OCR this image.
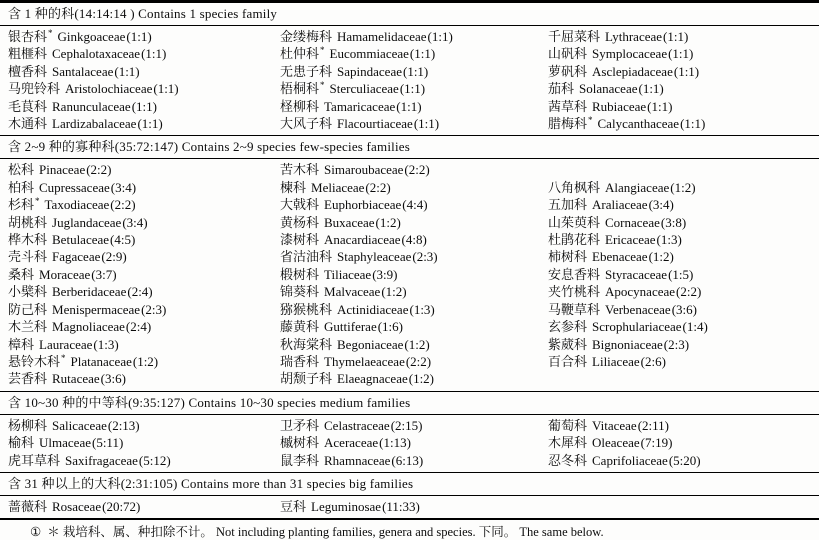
含 1 种的科(14:14:14 ) Contains 1 species family
银杏科* Ginkgoaceae(1:1)	金缕梅科 Hamamelidaceae(1:1)	千屈菜科 Lythraceae(1:1)
粗榧科 Cephalotaxaceae(1:1)	杜仲科* Eucommiaceae(1:1)	山矾科 Symplocaceae(1:1)
檀香科 Santalaceae(1:1)	无患子科 Sapindaceae(1:1)	萝矾科 Asclepiadaceae(1:1)
马兜铃科 Aristolochiaceae(1:1)	梧桐科* Sterculiaceae(1:1)	茄科 Solanaceae(1:1)
毛茛科 Ranunculaceae(1:1)	柽柳科 Tamaricaceae(1:1)	茜草科 Rubiaceae(1:1)
木通科 Lardizabalaceae(1:1)	大风子科 Flacourtiaceae(1:1)	腊梅科* Calycanthaceae(1:1)
含 2~9 种的寡种科(35:72:147) Contains 2~9 species few-species families
松科 Pinaceae(2:2)	苦木科 Simaroubaceae(2:2)
柏科 Cupressaceae(3:4)	楝科 Meliaceae(2:2)	八角枫科 Alangiaceae(1:2)
杉科* Taxodiaceae(2:2)	大戟科 Euphorbiaceae(4:4)	五加科 Araliaceae(3:4)
胡桃科 Juglandaceae(3:4)	黄杨科 Buxaceae(1:2)	山茱萸科 Cornaceae(3:8)
桦木科 Betulaceae(4:5)	漆树科 Anacardiaceae(4:8)	杜鹃花科 Ericaceae(1:3)
壳斗科 Fagaceae(2:9)	省沽油科 Staphyleaceae(2:3)	柿树科 Ebenaceae(1:2)
桑科 Moraceae(3:7)	椴树科 Tiliaceae(3:9)	安息香料 Styracaceae(1:5)
小檗科 Berberidaceae(2:4)	锦葵科 Malvaceae(1:2)	夹竹桃科 Apocynaceae(2:2)
防己科 Menispermaceae(2:3)	猕猴桃科 Actinidiaceae(1:3)	马鞭草科 Verbenaceae(3:6)
木兰科 Magnoliaceae(2:4)	藤黄科 Guttiferae(1:6)	玄参科 Scrophulariaceae(1:4)
樟科 Lauraceae(1:3)	秋海棠科 Begoniaceae(1:2)	紫葳科 Bignoniaceae(2:3)
悬铃木科* Platanaceae(1:2)	瑞香科 Thymelaeaceae(2:2)	百合科 Liliaceae(2:6)
芸香科 Rutaceae(3:6)	胡颓子科 Elaeagnaceae(1:2)
含 10~30 种的中等科(9:35:127) Contains 10~30 species medium families
杨柳科 Salicaceae(2:13)	卫矛科 Celastraceae(2:15)	葡萄科 Vitaceae(2:11)
榆科 Ulmaceae(5:11)	槭树科 Aceraceae(1:13)	木犀科 Oleaceae(7:19)
虎耳草科 Saxifragaceae(5:12)	鼠李科 Rhamnaceae(6:13)	忍冬科 Caprifoliaceae(5:20)
含 31 种以上的大科(2:31:105) Contains more than 31 species big families
蔷薇科 Rosaceae(20:72)	豆科 Leguminosae(11:33)
① ＊ 栽培科、属、种扣除不计。 Not including planting families, genera and species. 下同。 The same below.
